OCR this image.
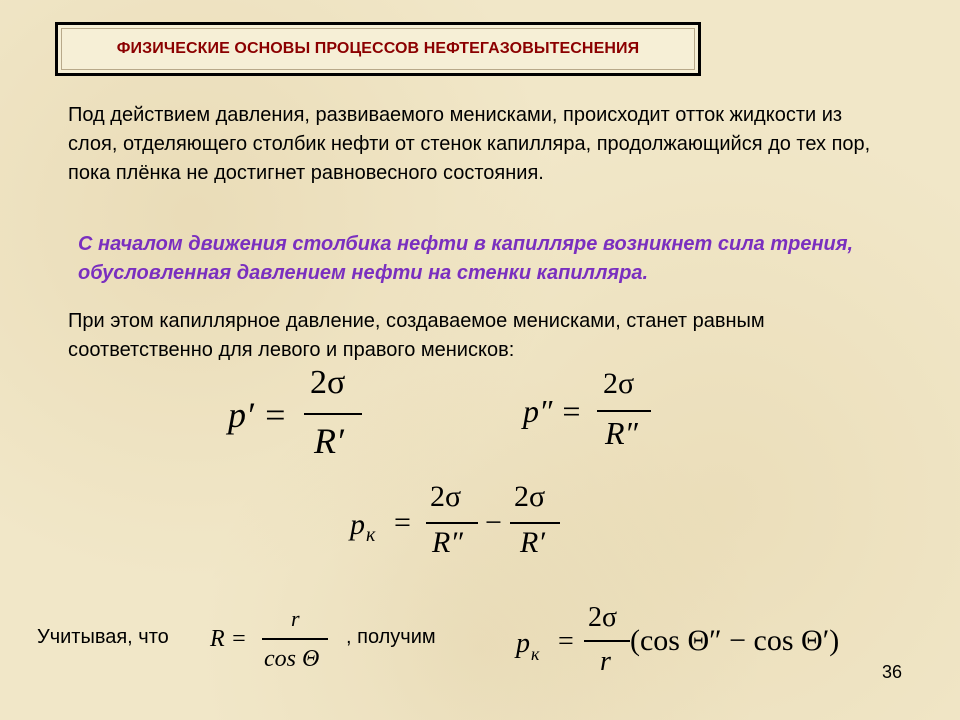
ФИЗИЧЕСКИЕ ОСНОВЫ ПРОЦЕССОВ НЕФТЕГАЗОВЫТЕСНЕНИЯ
Под действием давления, развиваемого менисками, происходит отток жидкости из слоя, отделяющего столбик нефти от стенок капилляра, продолжающийся до тех пор, пока плёнка не достигнет равновесного состояния.
С началом движения столбика нефти в капилляре возникнет сила трения, обусловленная давлением нефти на стенки капилляра.
При этом капиллярное давление, создаваемое менисками, станет равным соответственно для левого и правого менисков:
p′ =
2σ
R′
p″ =
2σ
R″
p к =
2σ
R″
−
2σ
R′
Учитывая, что R =
r
cos Θ
, получим	p к =
2σ
r
(cos Θ″ − cos Θ′)
36
